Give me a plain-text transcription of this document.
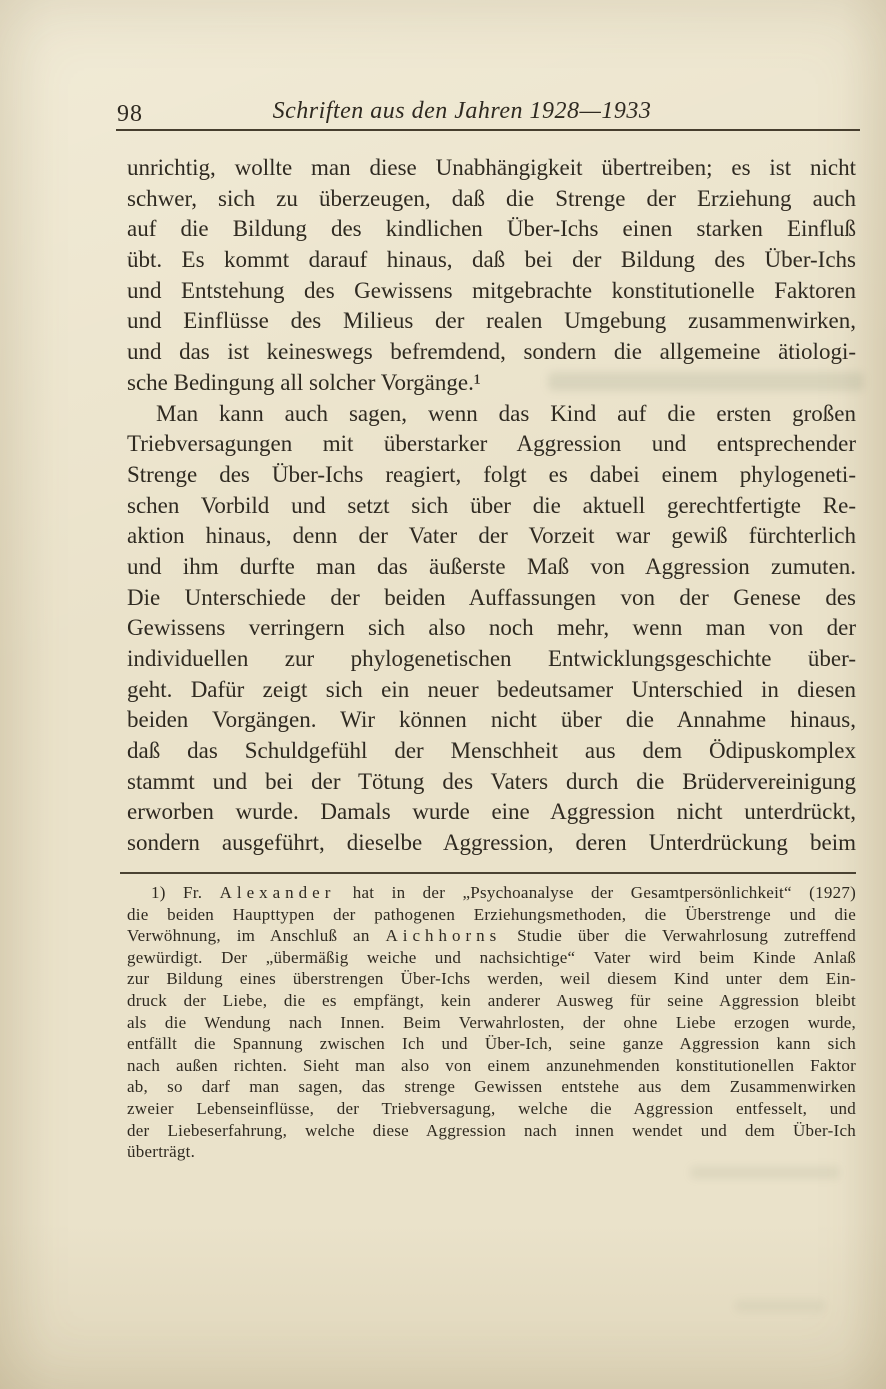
98	Schriften aus den Jahren 1928—1933
unrichtig, wollte man diese Unabhängigkeit übertreiben; es ist nicht
schwer, sich zu überzeugen, daß die Strenge der Erziehung auch
auf die Bildung des kindlichen Über-Ichs einen starken Einfluß
übt. Es kommt darauf hinaus, daß bei der Bildung des Über-Ichs
und Entstehung des Gewissens mitgebrachte konstitutionelle Faktoren
und Einflüsse des Milieus der realen Umgebung zusammenwirken,
und das ist keineswegs befremdend, sondern die allgemeine ätiologi-
sche Bedingung all solcher Vorgänge.¹
Man kann auch sagen, wenn das Kind auf die ersten großen
Triebversagungen mit überstarker Aggression und entsprechender
Strenge des Über-Ichs reagiert, folgt es dabei einem phylogeneti-
schen Vorbild und setzt sich über die aktuell gerechtfertigte Re-
aktion hinaus, denn der Vater der Vorzeit war gewiß fürchterlich
und ihm durfte man das äußerste Maß von Aggression zumuten.
Die Unterschiede der beiden Auffassungen von der Genese des
Gewissens verringern sich also noch mehr, wenn man von der
individuellen zur phylogenetischen Entwicklungsgeschichte über-
geht. Dafür zeigt sich ein neuer bedeutsamer Unterschied in diesen
beiden Vorgängen. Wir können nicht über die Annahme hinaus,
daß das Schuldgefühl der Menschheit aus dem Ödipuskomplex
stammt und bei der Tötung des Vaters durch die Brüdervereinigung
erworben wurde. Damals wurde eine Aggression nicht unterdrückt,
sondern ausgeführt, dieselbe Aggression, deren Unterdrückung beim
1) Fr. Alexander hat in der „Psychoanalyse der Gesamtpersönlichkeit“ (1927)
die beiden Haupttypen der pathogenen Erziehungsmethoden, die Überstrenge und die
Verwöhnung, im Anschluß an Aichhorns Studie über die Verwahrlosung zutreffend
gewürdigt. Der „übermäßig weiche und nachsichtige“ Vater wird beim Kinde Anlaß
zur Bildung eines überstrengen Über-Ichs werden, weil diesem Kind unter dem Ein-
druck der Liebe, die es empfängt, kein anderer Ausweg für seine Aggression bleibt
als die Wendung nach Innen. Beim Verwahrlosten, der ohne Liebe erzogen wurde,
entfällt die Spannung zwischen Ich und Über-Ich, seine ganze Aggression kann sich
nach außen richten. Sieht man also von einem anzunehmenden konstitutionellen Faktor
ab, so darf man sagen, das strenge Gewissen entstehe aus dem Zusammenwirken
zweier Lebenseinflüsse, der Triebversagung, welche die Aggression entfesselt, und
der Liebeserfahrung, welche diese Aggression nach innen wendet und dem Über-Ich
überträgt.
